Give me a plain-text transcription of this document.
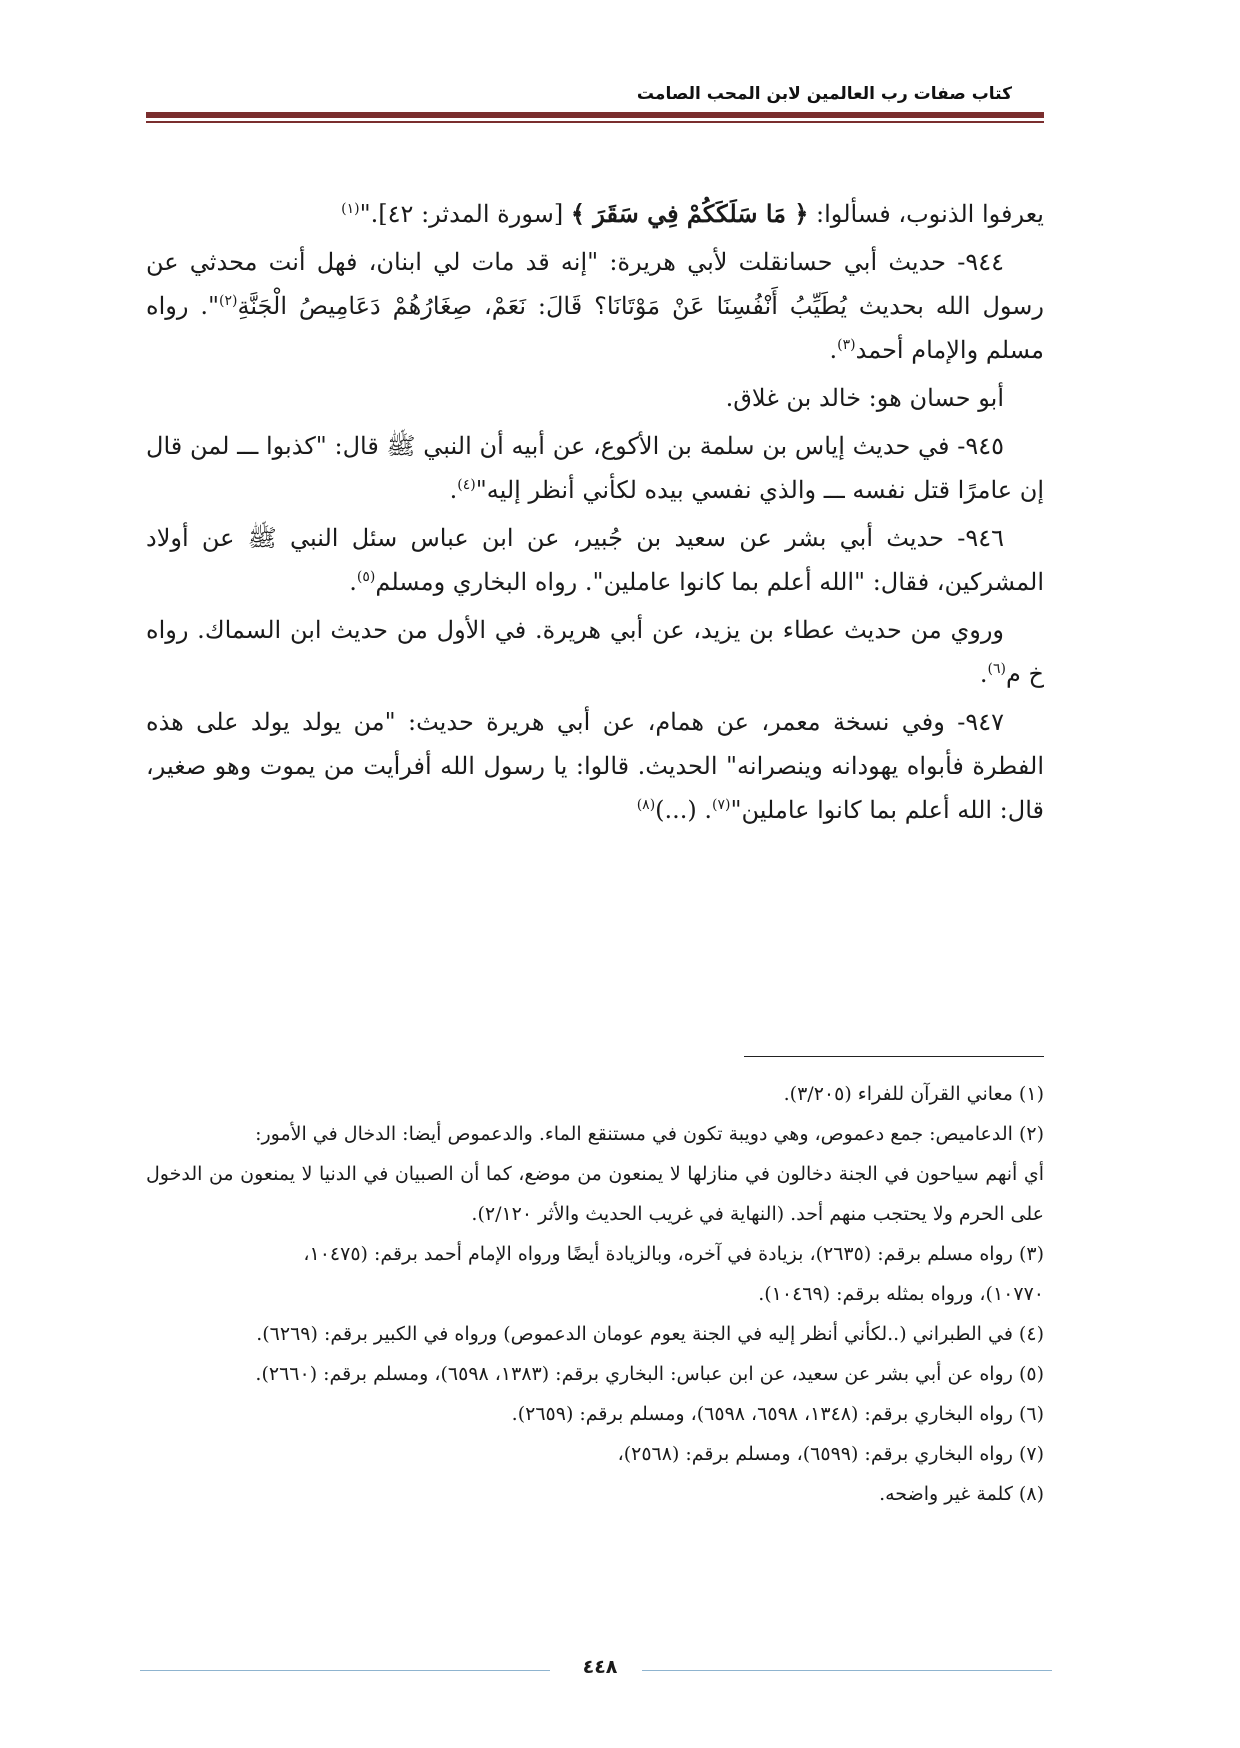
كتاب صفات رب العالمين لابن المحب الصامت

يعرفوا الذنوب، فسألوا: ﴿ مَا سَلَكَكُمْ فِي سَقَرَ ﴾ [سورة المدثر: ٤٢]."$^{(١)}$

٩٤٤- حديث أبي حسانقلت لأبي هريرة: "إنه قد مات لي ابنان، فهل أنت محدثي عن رسول الله بحديث يُطَيِّبُ أَنْفُسِنَا عَنْ مَوْتَانَا؟ قَالَ: نَعَمْ، صِغَارُهُمْ دَعَامِيصُ الْجَنَّةِ$^{(٢)}$". رواه مسلم والإمام أحمد$^{(٣)}$.

أبو حسان هو: خالد بن غلاق.

٩٤٥- في حديث إياس بن سلمة بن الأكوع، عن أبيه أن النبي ﷺ قال: "كذبوا ـــ لمن قال إن عامرًا قتل نفسه ـــ والذي نفسي بيده لكأني أنظر إليه"$^{(٤)}$.

٩٤٦- حديث أبي بشر عن سعيد بن جُبير، عن ابن عباس سئل النبي ﷺ عن أولاد المشركين، فقال: "الله أعلم بما كانوا عاملين". رواه البخاري ومسلم$^{(٥)}$.

وروي من حديث عطاء بن يزيد، عن أبي هريرة. في الأول من حديث ابن السماك. رواه خ م$^{(٦)}$.

٩٤٧- وفي نسخة معمر، عن همام، عن أبي هريرة حديث: "من يولد يولد على هذه الفطرة فأبواه يهودانه وينصرانه" الحديث. قالوا: يا رسول الله أفرأيت من يموت وهو صغير، قال: الله أعلم بما كانوا عاملين"$^{(٧)}$. (...)$^{(٨)}$

(١) معاني القرآن للفراء (٣/٢٠٥).

(٢) الدعاميص: جمع دعموص، وهي دويبة تكون في مستنقع الماء. والدعموص أيضا: الدخال في الأمور:

أي أنهم سياحون في الجنة دخالون في منازلها لا يمنعون من موضع، كما أن الصبيان في الدنيا لا يمنعون من الدخول على الحرم ولا يحتجب منهم أحد. (النهاية في غريب الحديث والأثر ٢/١٢٠).

(٣) رواه مسلم برقم: (٢٦٣٥)، بزيادة في آخره، وبالزيادة أيضًا ورواه الإمام أحمد برقم: (١٠٤٧٥،

١٠٧٧٠)، ورواه بمثله برقم: (١٠٤٦٩).

(٤) في الطبراني (..لكأني أنظر إليه في الجنة يعوم عومان الدعموص) ورواه في الكبير برقم: (٦٢٦٩).

(٥) رواه عن أبي بشر عن سعيد، عن ابن عباس: البخاري برقم: (١٣٨٣، ٦٥٩٨)، ومسلم برقم: (٢٦٦٠).

(٦) رواه البخاري برقم: (١٣٤٨، ٦٥٩٨، ٦٥٩٨)، ومسلم برقم: (٢٦٥٩).

(٧) رواه البخاري برقم: (٦٥٩٩)، ومسلم برقم: (٢٥٦٨)،

(٨) كلمة غير واضحه.

٤٤٨
